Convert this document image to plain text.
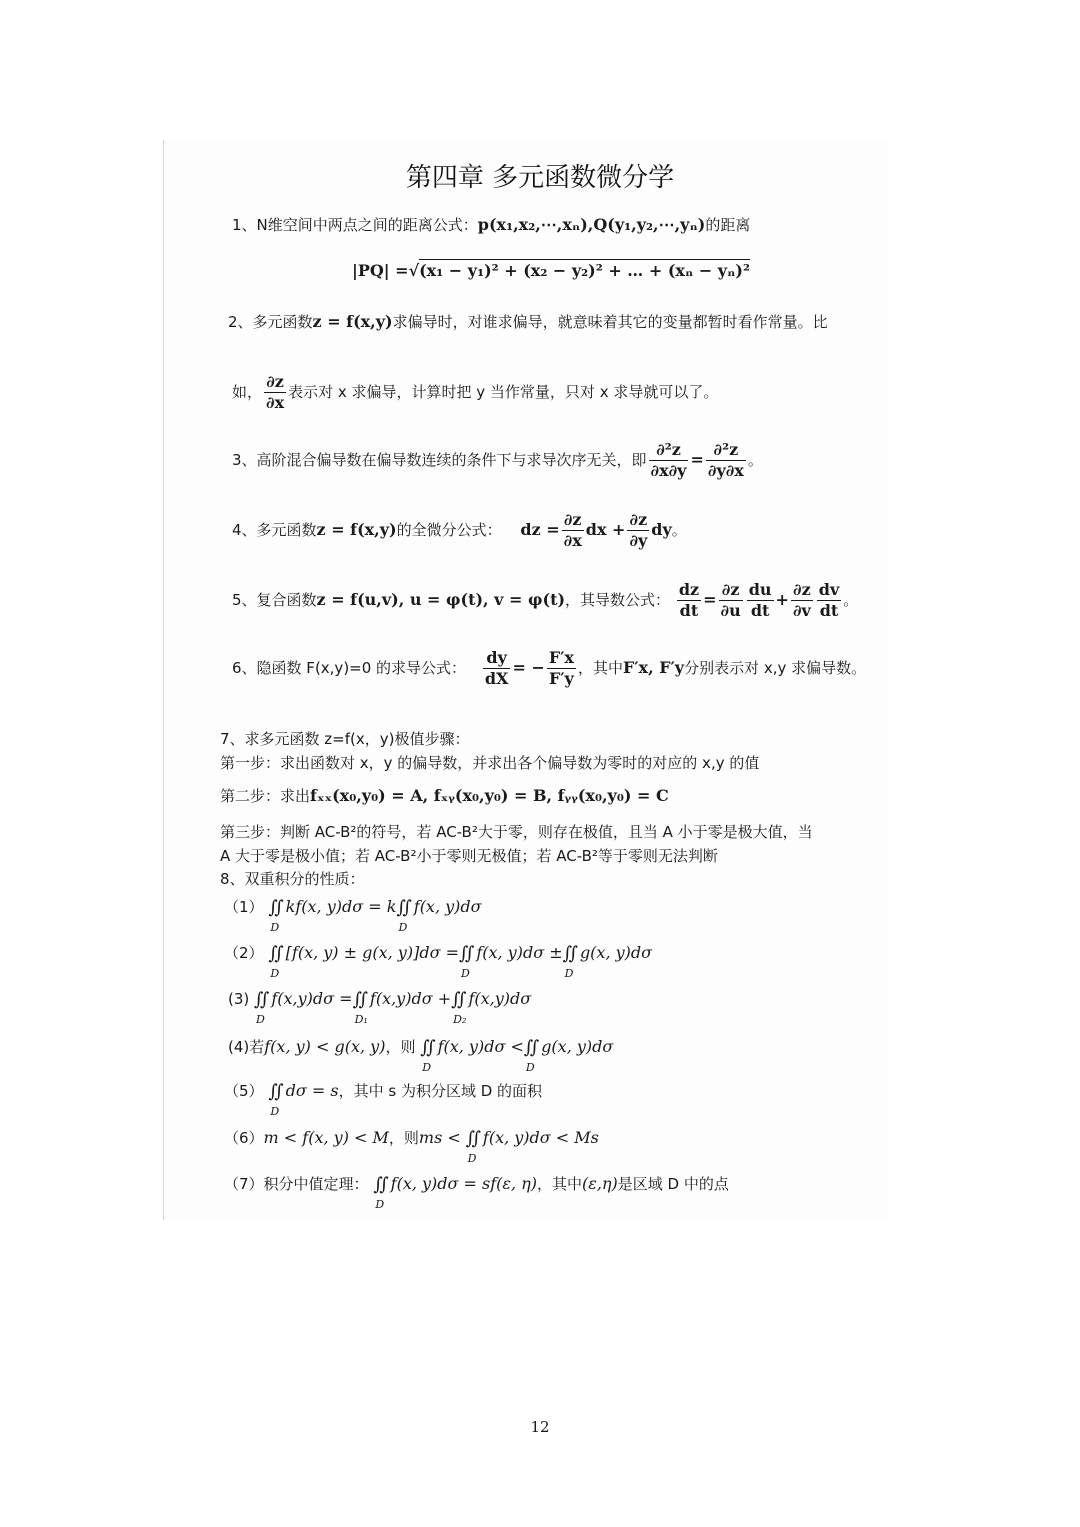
第四章 多元函数微分学
1、N维空间中两点之间的距离公式：p(x₁,x₂,⋯,xₙ),Q(y₁,y₂,⋯,yₙ)的距离
|PQ| =√(x₁ − y₁)² + (x₂ − y₂)² + … + (xₙ − yₙ)²
2、多元函数z = f(x,y)求偏导时，对谁求偏导，就意味着其它的变量都暂时看作常量。比
如， $\frac{\partial z}{\partial x}$ 表示对 x 求偏导，计算时把 y 当作常量，只对 x 求导就可以了。
3、高阶混合偏导数在偏导数连续的条件下与求导次序无关，即 $\frac{\text{∂²z}}{\partial x\partial y} = \frac{\text{∂²z}}{\partial y\partial x}$ 。
4、多元函数z = f(x,y)的全微分公式： dz = $\frac{\partial z}{\partial x}$ dx + $\frac{\partial z}{\partial y}$ dy。
5、复合函数z = f(u,v), u = φ(t), v = φ(t)，其导数公式： $\frac{dz}{dt} = \frac{\partial z}{\partial u} \frac{du}{dt} + \frac{\partial z}{\partial v} \frac{dv}{dt}$ 。
6、隐函数 F(x,y)=0 的求导公式： $\frac{dy}{dX}$ = − $\frac{F'x}{F'y}$ ，其中F′x, F′y分别表示对 x,y 求偏导数。
7、求多元函数 z=f(x，y)极值步骤：
第一步：求出函数对 x，y 的偏导数，并求出各个偏导数为零时的对应的 x,y 的值
第二步：求出fₓₓ(x₀,y₀) = A, fₓᵧ(x₀,y₀) = B, fᵧᵧ(x₀,y₀) = C
第三步：判断 AC-B²的符号，若 AC-B²大于零，则存在极值，且当 A 小于零是极大值，当
A 大于零是极小值；若 AC-B²小于零则无极值；若 AC-B²等于零则无法判断
8、双重积分的性质：
（1） ∬
D
kf(x, y)dσ = k∬
D
f(x, y)dσ
（2） ∬
D
[f(x, y) ± g(x, y)]dσ =∬
D
f(x, y)dσ ±∬
D
g(x, y)dσ
(3) ∬
D
f(x,y)dσ =∬
D₁
f(x,y)dσ +∬
D₂
f(x,y)dσ
(4)若f(x, y) < g(x, y)，则 ∬
D
f(x, y)dσ <∬
D
g(x, y)dσ
（5） ∬
D
dσ = s，其中 s 为积分区域 D 的面积
（6）m < f(x, y) < M，则ms < ∬
D
f(x, y)dσ < Ms
（7）积分中值定理： ∬
D
f(x, y)dσ = sf(ε, η)，其中(ε,η)是区域 D 中的点
12
